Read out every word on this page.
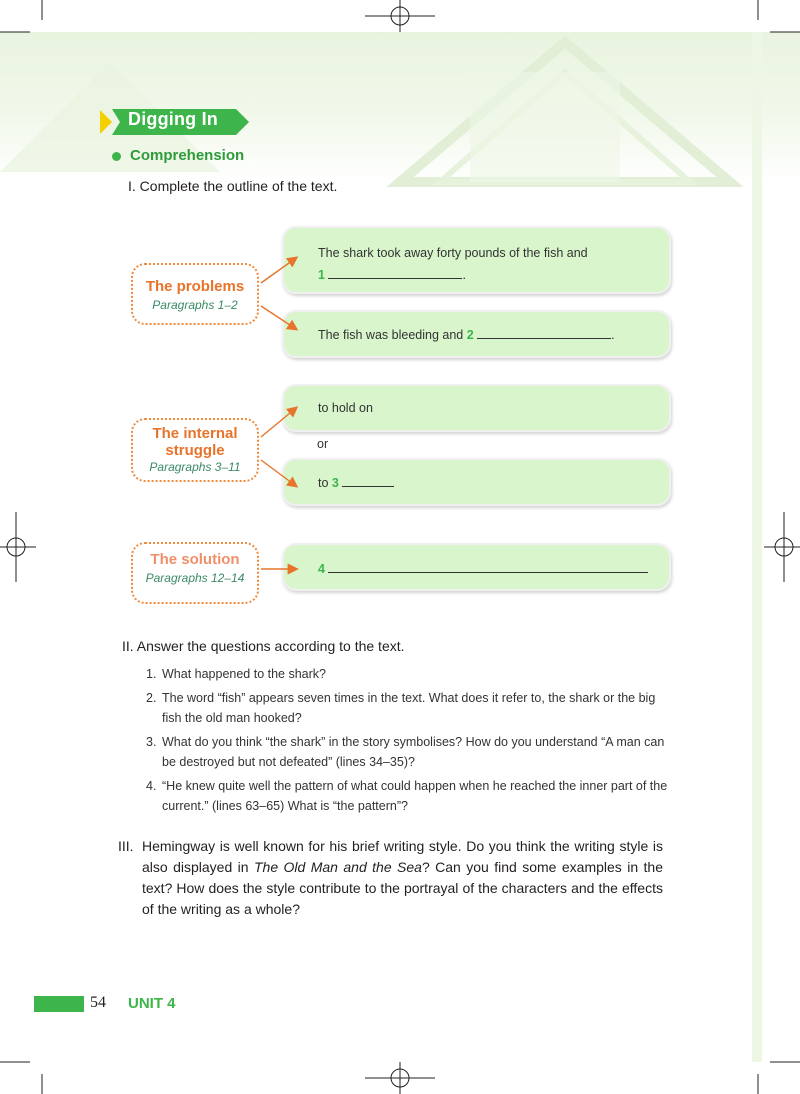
Digging In
Comprehension
I. Complete the outline of the text.
The problems
Paragraphs 1–2
The internal
struggle
Paragraphs 3–11
The solution
Paragraphs 12–14
The shark took away forty pounds of the fish and
1	.
The fish was bleeding and 2	.
to hold on
or
to 3
4
II. Answer the questions according to the text.
1. What happened to the shark?
2. The word “fish” appears seven times in the text. What does it refer to, the shark or the big fish the old man hooked?
3. What do you think “the shark” in the story symbolises? How do you understand “A man can be destroyed but not defeated” (lines 34–35)?
4. “He knew quite well the pattern of what could happen when he reached the inner part of the current.” (lines 63–65) What is “the pattern”?
III. Hemingway is well known for his brief writing style. Do you think the writing style is also displayed in The Old Man and the Sea? Can you find some examples in the text? How does the style contribute to the portrayal of the characters and the effects of the writing as a whole?
54 UNIT 4
